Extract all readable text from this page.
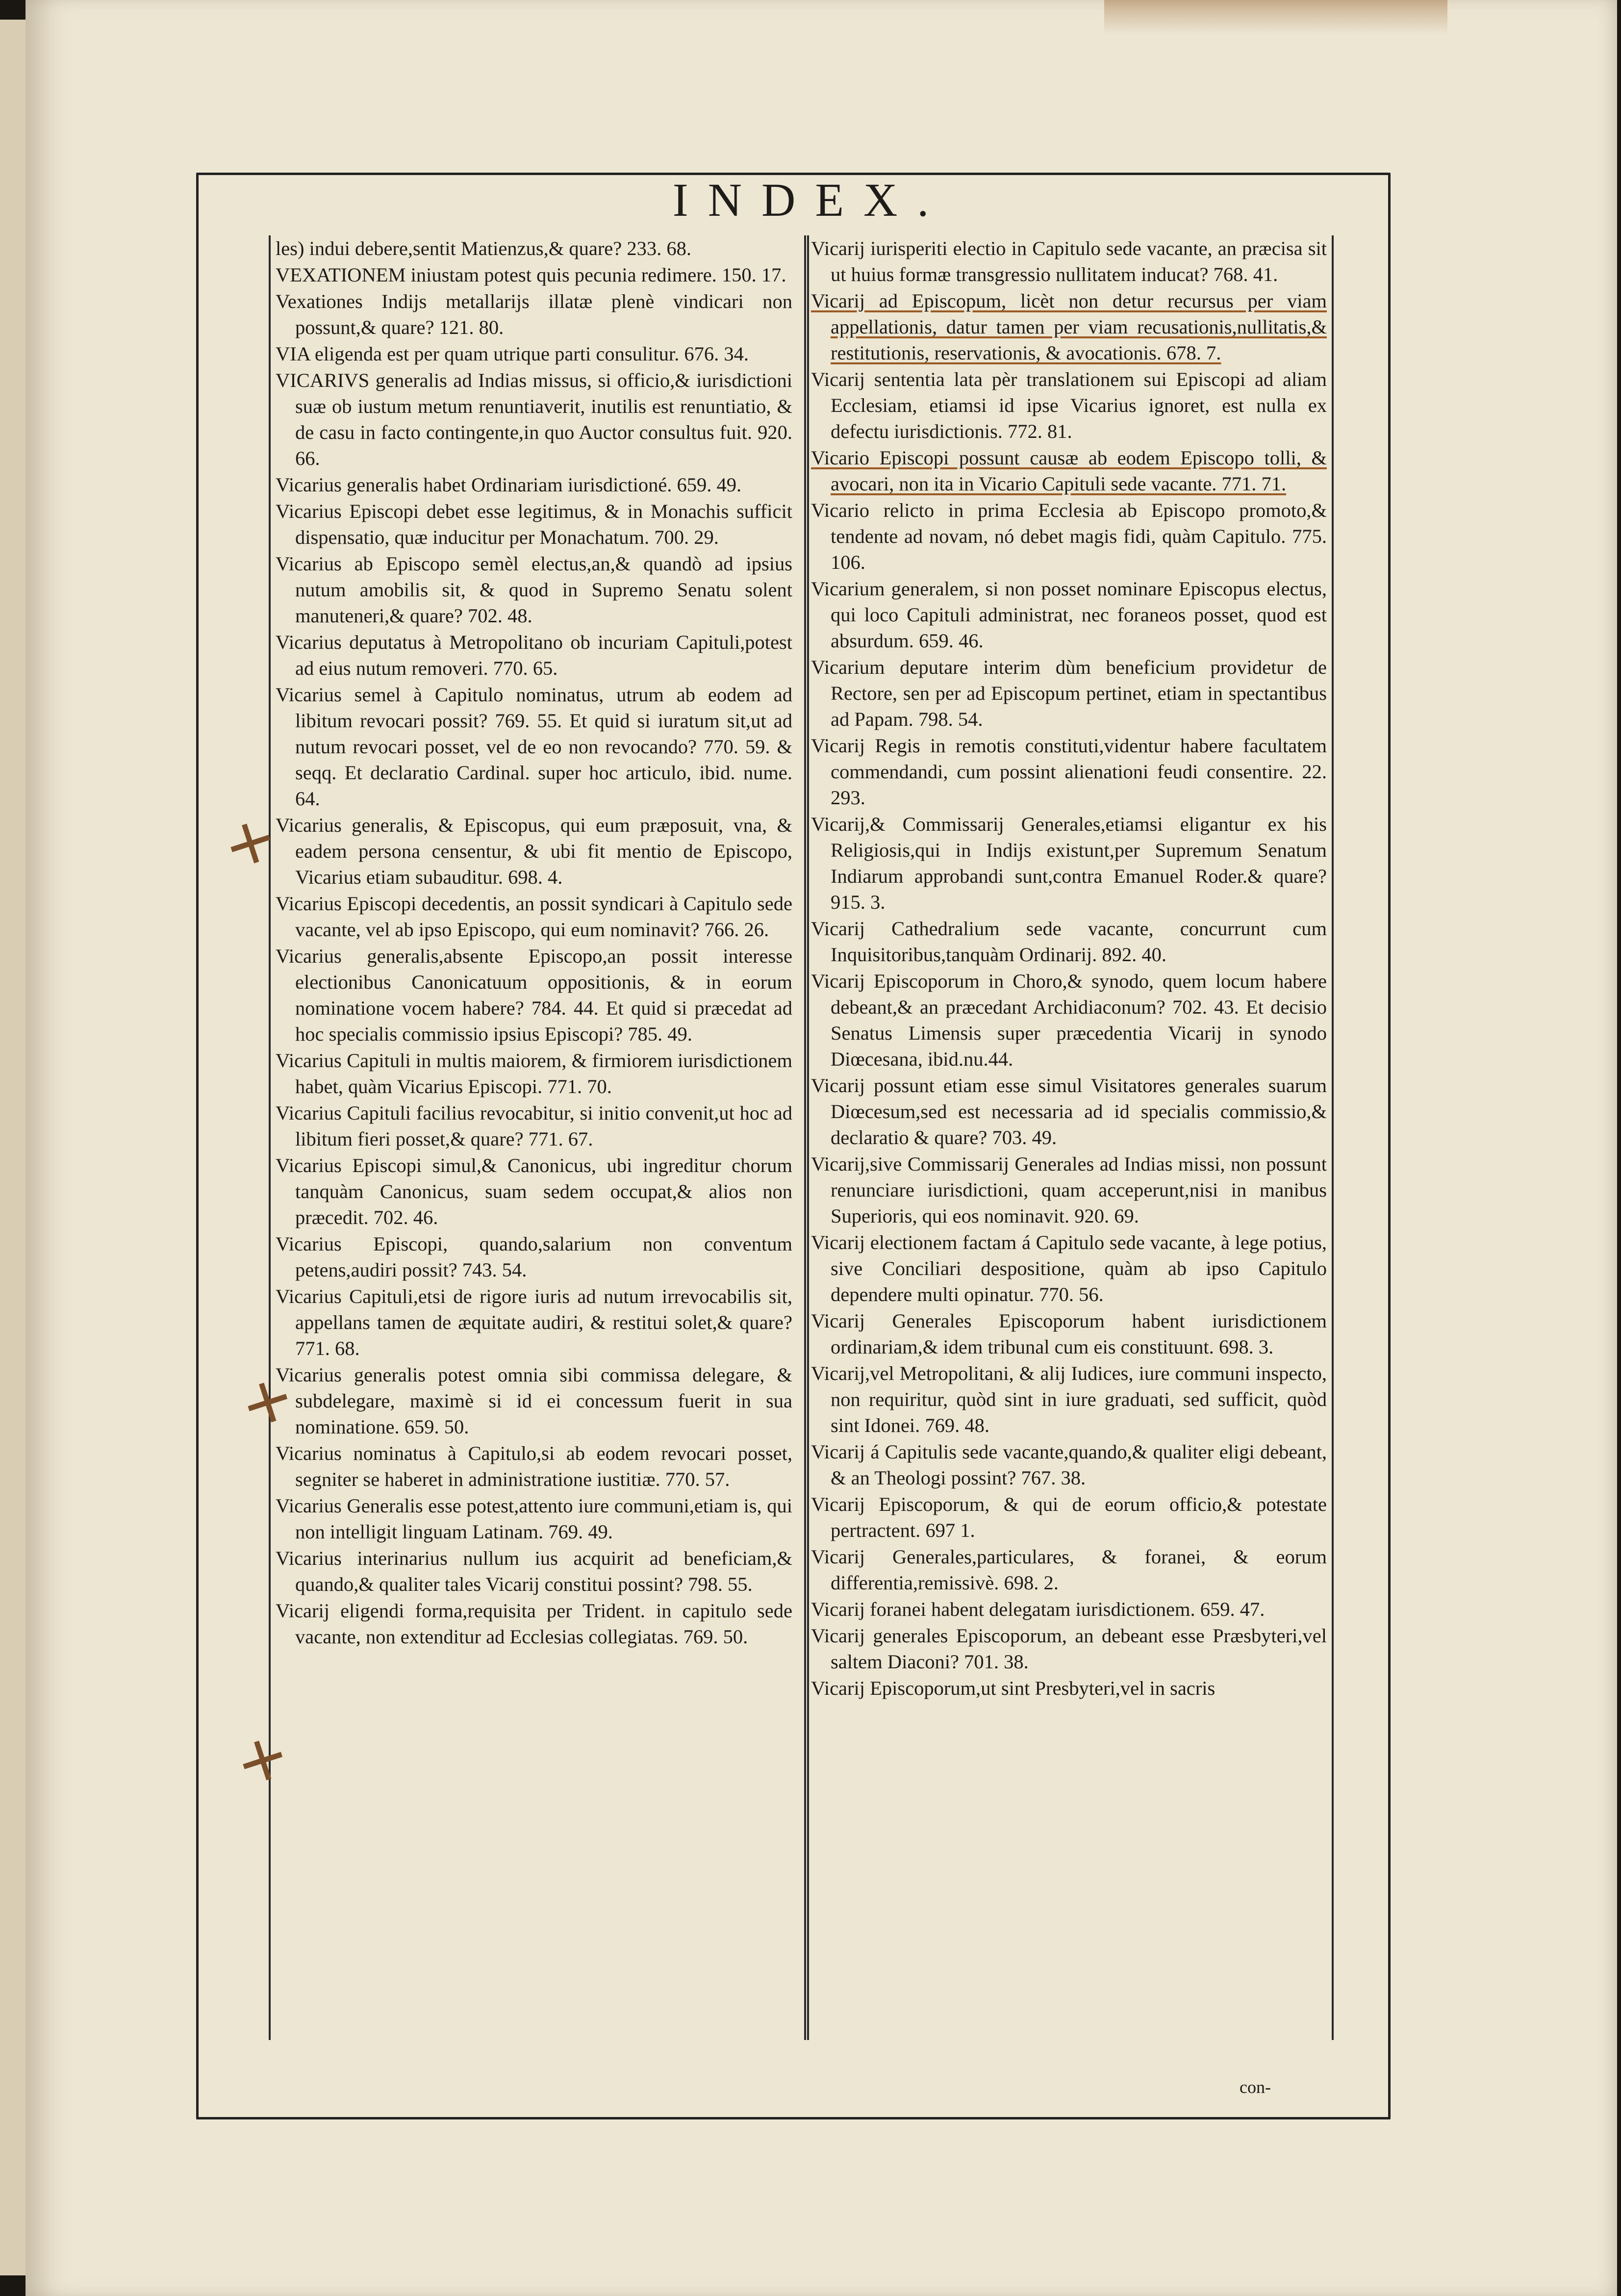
INDEX.
les) indui debere,sentit Matienzus,& quare? 233. 68.
VEXATIONEM iniustam potest quis pecunia redimere. 150. 17.
Vexationes Indijs metallarijs illatæ plenè vindicari non possunt,& quare? 121. 80.
VIA eligenda est per quam utrique parti consulitur. 676. 34.
VICARIVS generalis ad Indias missus, si officio,& iurisdictioni suæ ob iustum metum renuntiaverit, inutilis est renuntiatio, & de casu in facto contingente,in quo Auctor consultus fuit. 920. 66.
Vicarius generalis habet Ordinariam iurisdictioné. 659. 49.
Vicarius Episcopi debet esse legitimus, & in Monachis sufficit dispensatio, quæ inducitur per Monachatum. 700. 29.
Vicarius ab Episcopo semèl electus,an,& quandò ad ipsius nutum amobilis sit, & quod in Supremo Senatu solent manuteneri,& quare? 702. 48.
Vicarius deputatus à Metropolitano ob incuriam Capituli,potest ad eius nutum removeri. 770. 65.
Vicarius semel à Capitulo nominatus, utrum ab eodem ad libitum revocari possit? 769. 55. Et quid si iuratum sit,ut ad nutum revocari posset, vel de eo non revocando? 770. 59. & seqq. Et declaratio Cardinal. super hoc articulo, ibid. nume. 64.
Vicarius generalis, & Episcopus, qui eum præposuit, vna, & eadem persona censentur, & ubi fit mentio de Episcopo, Vicarius etiam subauditur. 698. 4.
Vicarius Episcopi decedentis, an possit syndicari à Capitulo sede vacante, vel ab ipso Episcopo, qui eum nominavit? 766. 26.
Vicarius generalis,absente Episcopo,an possit interesse electionibus Canonicatuum oppositionis, & in eorum nominatione vocem habere? 784. 44. Et quid si præcedat ad hoc specialis commissio ipsius Episcopi? 785. 49.
Vicarius Capituli in multis maiorem, & firmiorem iurisdictionem habet, quàm Vicarius Episcopi. 771. 70.
Vicarius Capituli facilius revocabitur, si initio convenit,ut hoc ad libitum fieri posset,& quare? 771. 67.
Vicarius Episcopi simul,& Canonicus, ubi ingreditur chorum tanquàm Canonicus, suam sedem occupat,& alios non præcedit. 702. 46.
Vicarius Episcopi, quando,salarium non conventum petens,audiri possit? 743. 54.
Vicarius Capituli,etsi de rigore iuris ad nutum irrevocabilis sit, appellans tamen de æquitate audiri, & restitui solet,& quare? 771. 68.
Vicarius generalis potest omnia sibi commissa delegare, & subdelegare, maximè si id ei concessum fuerit in sua nominatione. 659. 50.
Vicarius nominatus à Capitulo,si ab eodem revocari posset, segniter se haberet in administratione iustitiæ. 770. 57.
Vicarius Generalis esse potest,attento iure communi,etiam is, qui non intelligit linguam Latinam. 769. 49.
Vicarius interinarius nullum ius acquirit ad beneficiam,& quando,& qualiter tales Vicarij constitui possint? 798. 55.
Vicarij eligendi forma,requisita per Trident. in capitulo sede vacante, non extenditur ad Ecclesias collegiatas. 769. 50.
Vicarij iurisperiti electio in Capitulo sede vacante, an præcisa sit ut huius formæ transgressio nullitatem inducat? 768. 41.
Vicarij ad Episcopum, licèt non detur recursus per viam appellationis, datur tamen per viam recusationis,nullitatis,& restitutionis, reservationis, & avocationis. 678. 7.
Vicarij sententia lata pèr translationem sui Episcopi ad aliam Ecclesiam, etiamsi id ipse Vicarius ignoret, est nulla ex defectu iurisdictionis. 772. 81.
Vicario Episcopi possunt causæ ab eodem Episcopo tolli, & avocari, non ita in Vicario Capituli sede vacante. 771. 71.
Vicario relicto in prima Ecclesia ab Episcopo promoto,& tendente ad novam, nó debet magis fidi, quàm Capitulo. 775. 106.
Vicarium generalem, si non posset nominare Episcopus electus, qui loco Capituli administrat, nec foraneos posset, quod est absurdum. 659. 46.
Vicarium deputare interim dùm beneficium providetur de Rectore, sen per ad Episcopum pertinet, etiam in spectantibus ad Papam. 798. 54.
Vicarij Regis in remotis constituti,videntur habere facultatem commendandi, cum possint alienationi feudi consentire. 22. 293.
Vicarij,& Commissarij Generales,etiamsi eligantur ex his Religiosis,qui in Indijs existunt,per Supremum Senatum Indiarum approbandi sunt,contra Emanuel Roder.& quare? 915. 3.
Vicarij Cathedralium sede vacante, concurrunt cum Inquisitoribus,tanquàm Ordinarij. 892. 40.
Vicarij Episcoporum in Choro,& synodo, quem locum habere debeant,& an præcedant Archidiaconum? 702. 43. Et decisio Senatus Limensis super præcedentia Vicarij in synodo Diœcesana, ibid.nu.44.
Vicarij possunt etiam esse simul Visitatores generales suarum Diœcesum,sed est necessaria ad id specialis commissio,& declaratio & quare? 703. 49.
Vicarij,sive Commissarij Generales ad Indias missi, non possunt renunciare iurisdictioni, quam acceperunt,nisi in manibus Superioris, qui eos nominavit. 920. 69.
Vicarij electionem factam á Capitulo sede vacante, à lege potius, sive Conciliari despositione, quàm ab ipso Capitulo dependere multi opinatur. 770. 56.
Vicarij Generales Episcoporum habent iurisdictionem ordinariam,& idem tribunal cum eis constituunt. 698. 3.
Vicarij,vel Metropolitani, & alij Iudices, iure communi inspecto, non requiritur, quòd sint in iure graduati, sed sufficit, quòd sint Idonei. 769. 48.
Vicarij á Capitulis sede vacante,quando,& qualiter eligi debeant, & an Theologi possint? 767. 38.
Vicarij Episcoporum, & qui de eorum officio,& potestate pertractent. 697 1.
Vicarij Generales,particulares, & foranei, & eorum differentia,remissivè. 698. 2.
Vicarij foranei habent delegatam iurisdictionem. 659. 47.
Vicarij generales Episcoporum, an debeant esse Præsbyteri,vel saltem Diaconi? 701. 38.
Vicarij Episcoporum,ut sint Presbyteri,vel in sacris
+
+
+
con-
